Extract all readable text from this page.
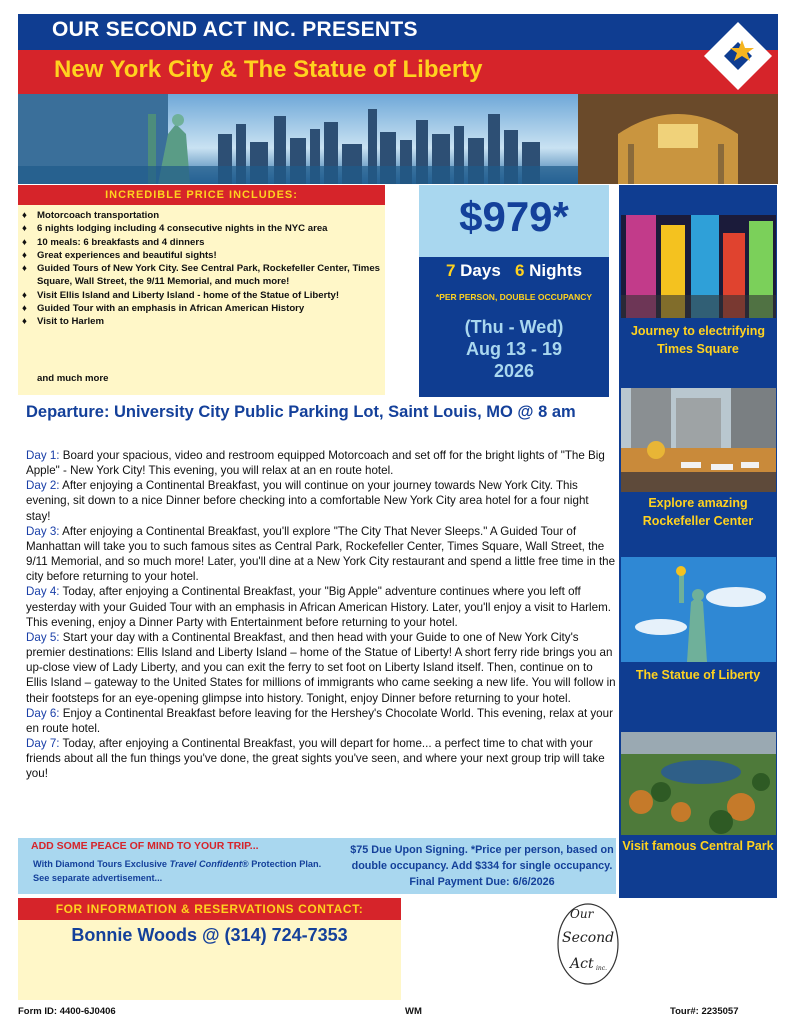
OUR SECOND ACT INC. PRESENTS
New York City & The Statue of Liberty
INCREDIBLE PRICE INCLUDES:
♦ Motorcoach transportation
♦ 6 nights lodging including 4 consecutive nights in the NYC area
♦ 10 meals: 6 breakfasts and 4 dinners
♦ Great experiences and beautiful sights!
♦ Guided Tours of New York City. See Central Park, Rockefeller Center, Times Square, Wall Street, the 9/11 Memorial, and much more!
♦ Visit Ellis Island and Liberty Island - home of the Statue of Liberty!
♦ Guided Tour with an emphasis in African American History
♦ Visit to Harlem
and much more
$979*
7 Days 6 Nights
*PER PERSON, DOUBLE OCCUPANCY
(Thu - Wed)
Aug 13 - 19
2026
Journey to electrifying Times Square
Explore amazing Rockefeller Center
The Statue of Liberty
Visit famous Central Park
Departure: University City Public Parking Lot, Saint Louis, MO @ 8 am

Day 1: Board your spacious, video and restroom equipped Motorcoach and set off for the bright lights of "The Big Apple" - New York City! This evening, you will relax at an en route hotel.

Day 2: After enjoying a Continental Breakfast, you will continue on your journey towards New York City. This evening, sit down to a nice Dinner before checking into a comfortable New York City area hotel for a four night stay!

Day 3: After enjoying a Continental Breakfast, you'll explore "The City That Never Sleeps." A Guided Tour of Manhattan will take you to such famous sites as Central Park, Rockefeller Center, Times Square, Wall Street, the 9/11 Memorial, and so much more! Later, you'll dine at a New York City restaurant and spend a little free time in the city before returning to your hotel.

Day 4: Today, after enjoying a Continental Breakfast, your "Big Apple" adventure continues where you left off yesterday with your Guided Tour with an emphasis in African American History. Later, you'll enjoy a visit to Harlem. This evening, enjoy a Dinner Party with Entertainment before returning to your hotel.

Day 5: Start your day with a Continental Breakfast, and then head with your Guide to one of New York City's premier destinations: Ellis Island and Liberty Island – home of the Statue of Liberty! A short ferry ride brings you an up-close view of Lady Liberty, and you can exit the ferry to set foot on Liberty Island itself. Then, continue on to Ellis Island – gateway to the United States for millions of immigrants who came seeking a new life. You will follow in their footsteps for an eye-opening glimpse into history. Tonight, enjoy Dinner before returning to your hotel.

Day 6: Enjoy a Continental Breakfast before leaving for the Hershey's Chocolate World. This evening, relax at your en route hotel.

Day 7: Today, after enjoying a Continental Breakfast, you will depart for home... a perfect time to chat with your friends about all the fun things you've done, the great sights you've seen, and where your next group trip will take you!

ADD SOME PEACE OF MIND TO YOUR TRIP...
With Diamond Tours Exclusive Travel Confident® Protection Plan.
See separate advertisement...
$75 Due Upon Signing. *Price per person, based on
double occupancy. Add $334 for single occupancy.
Final Payment Due: 6/6/2026
FOR INFORMATION & RESERVATIONS CONTACT:
Bonnie Woods @ (314) 724-7353
Our
Second
Act inc.
Form ID: 4400-6J0406	WM	Tour#: 2235057
